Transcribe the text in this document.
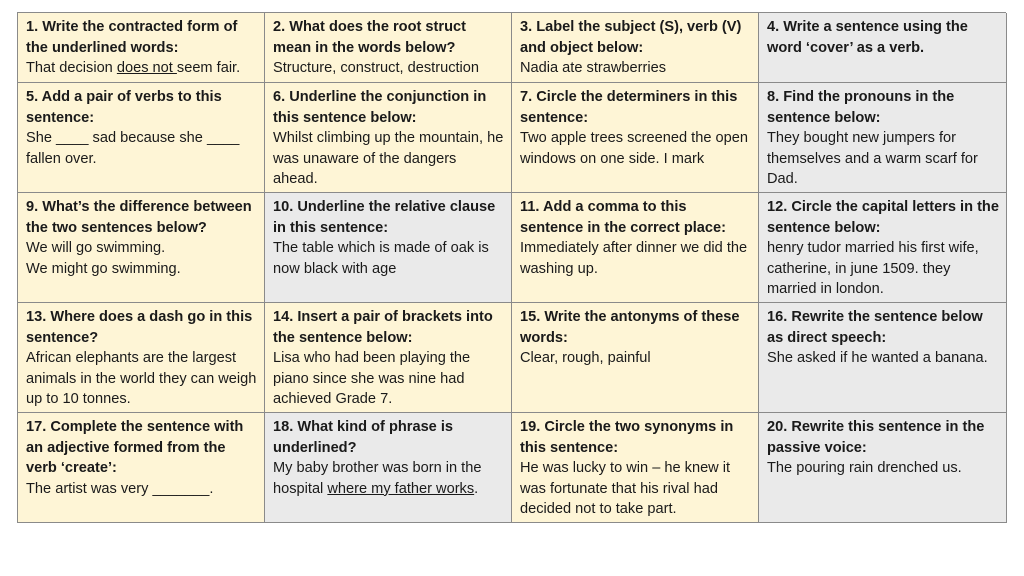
1. Write the contracted form of the underlined words:
That decision does not seem fair.
2. What does the root struct mean in the words below?
Structure, construct, destruction
3. Label the subject (S), verb (V) and object below:
Nadia ate strawberries
4. Write a sentence using the word ‘cover’ as a verb.
5. Add a pair of verbs to this sentence:
She ____ sad because she ____ fallen over.
6. Underline the conjunction in this sentence below:
Whilst climbing up the mountain, he was unaware of the dangers ahead.
7. Circle the determiners in this sentence:
Two apple trees screened the open windows on one side. I mark
8. Find the pronouns in the sentence below:
They bought new jumpers for themselves and a warm scarf for Dad.
9. What’s the difference between the two sentences below?
We will go swimming.
We might go swimming.
10. Underline the relative clause in this sentence:
The table which is made of oak is now black with age
11. Add a comma to this sentence in the correct place:
Immediately after dinner we did the washing up.
12. Circle the capital letters in the sentence below:
henry tudor married his first wife, catherine, in june 1509. they married in london.
13. Where does a dash go in this sentence?
African elephants are the largest animals in the world they can weigh up to 10 tonnes.
14. Insert a pair of brackets into the sentence below:
Lisa who had been playing the piano since she was nine had achieved Grade 7.
15. Write the antonyms of these words:
Clear, rough, painful
16. Rewrite the sentence below as direct speech:
She asked if he wanted a banana.
17. Complete the sentence with an adjective formed from the verb ‘create’:
The artist was very _______.
18. What kind of phrase is underlined?
My baby brother was born in the hospital where my father works.
19. Circle the two synonyms in this sentence:
He was lucky to win – he knew it was fortunate that his rival had decided not to take part.
20. Rewrite this sentence in the passive voice:
The pouring rain drenched us.
